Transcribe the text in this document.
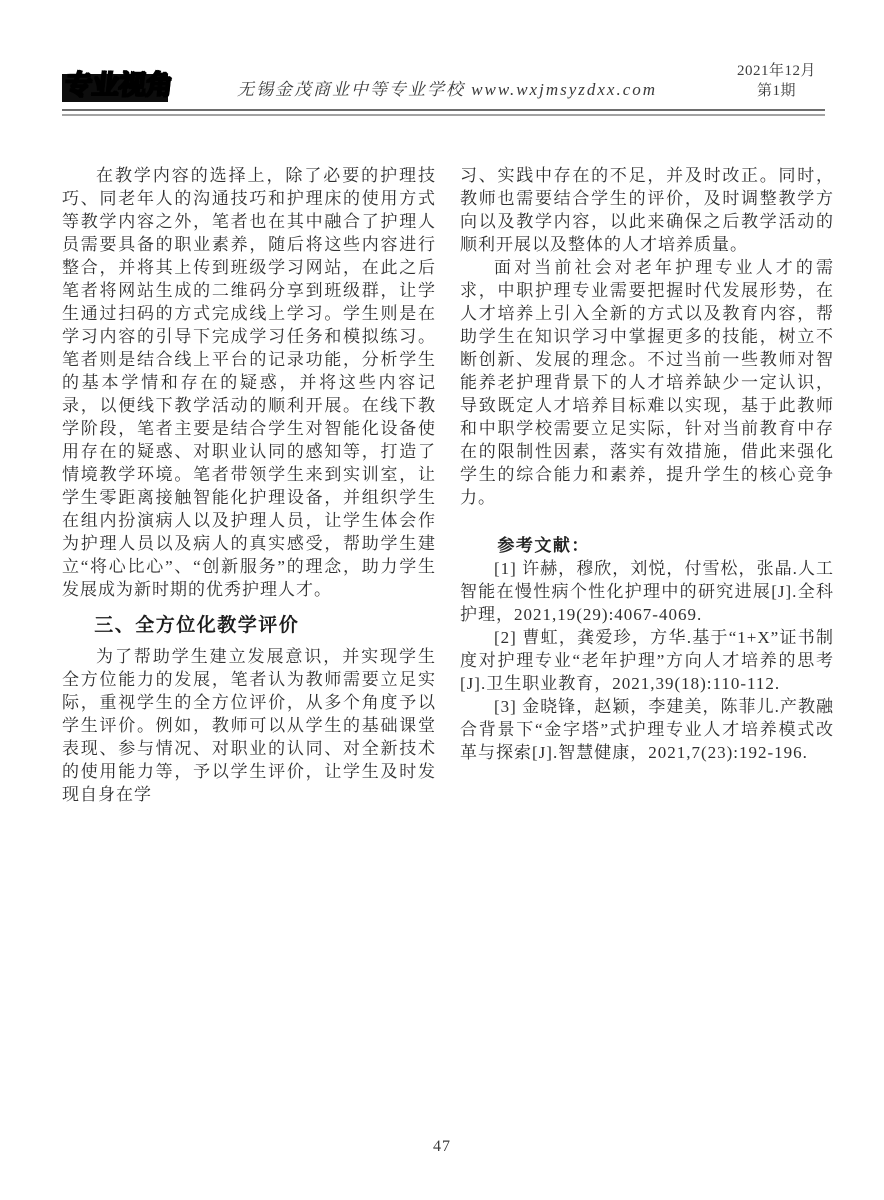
专业视角	无锡金茂商业中等专业学校 www.wxjmsyzdxx.com
2021年12月
第1期

在教学内容的选择上，除了必要的护理技巧、同老年人的沟通技巧和护理床的使用方式等教学内容之外，笔者也在其中融合了护理人员需要具备的职业素养，随后将这些内容进行整合，并将其上传到班级学习网站，在此之后笔者将网站生成的二维码分享到班级群，让学生通过扫码的方式完成线上学习。学生则是在学习内容的引导下完成学习任务和模拟练习。笔者则是结合线上平台的记录功能，分析学生的基本学情和存在的疑惑，并将这些内容记录，以便线下教学活动的顺利开展。在线下教学阶段，笔者主要是结合学生对智能化设备使用存在的疑惑、对职业认同的感知等，打造了情境教学环境。笔者带领学生来到实训室，让学生零距离接触智能化护理设备，并组织学生在组内扮演病人以及护理人员，让学生体会作为护理人员以及病人的真实感受，帮助学生建立“将心比心”、“创新服务”的理念，助力学生发展成为新时期的优秀护理人才。

三、全方位化教学评价

为了帮助学生建立发展意识，并实现学生全方位能力的发展，笔者认为教师需要立足实际，重视学生的全方位评价，从多个角度予以学生评价。例如，教师可以从学生的基础课堂表现、参与情况、对职业的认同、对全新技术的使用能力等，予以学生评价，让学生及时发现自身在学

习、实践中存在的不足，并及时改正。同时，教师也需要结合学生的评价，及时调整教学方向以及教学内容，以此来确保之后教学活动的顺利开展以及整体的人才培养质量。

面对当前社会对老年护理专业人才的需求，中职护理专业需要把握时代发展形势，在人才培养上引入全新的方式以及教育内容，帮助学生在知识学习中掌握更多的技能，树立不断创新、发展的理念。不过当前一些教师对智能养老护理背景下的人才培养缺少一定认识，导致既定人才培养目标难以实现，基于此教师和中职学校需要立足实际，针对当前教育中存在的限制性因素，落实有效措施，借此来强化学生的综合能力和素养，提升学生的核心竞争力。

参考文献：

[1] 许赫，穆欣，刘悦，付雪松，张晶.人工智能在慢性病个性化护理中的研究进展[J].全科护理，2021,19(29):4067-4069.

[2] 曹虹，龚爱珍，方华.基于“1+X”证书制度对护理专业“老年护理”方向人才培养的思考[J].卫生职业教育，2021,39(18):110-112.

[3] 金晓锋，赵颖，李建美，陈菲儿.产教融合背景下“金字塔”式护理专业人才培养模式改革与探索[J].智慧健康，2021,7(23):192-196.

47
